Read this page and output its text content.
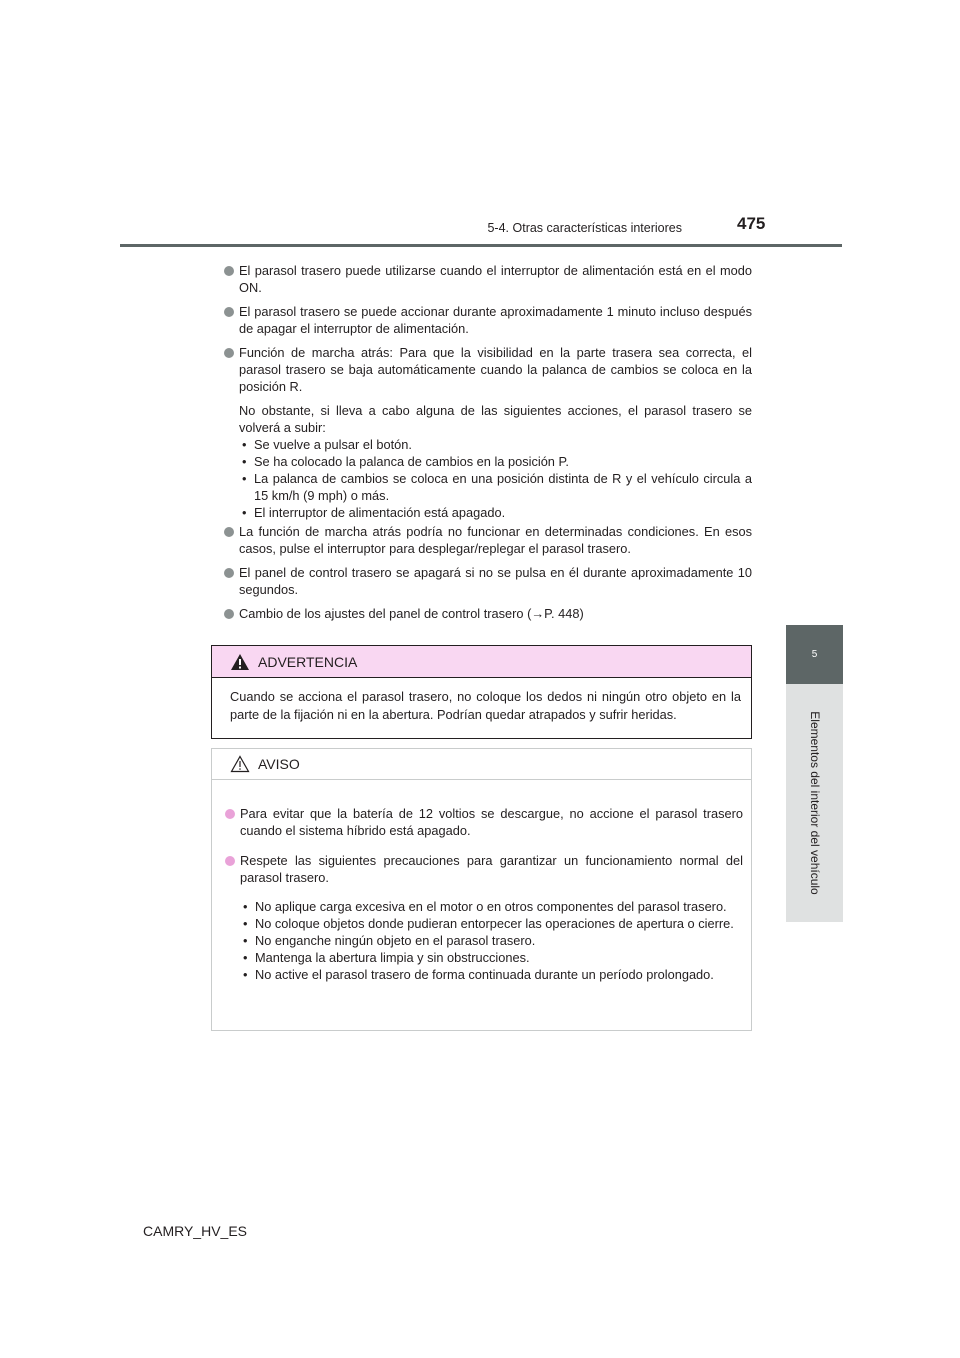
5-4. Otras características interiores	475
5
Elementos del interior del vehículo

El parasol trasero puede utilizarse cuando el interruptor de alimentación está en el modo ON.

El parasol trasero se puede accionar durante aproximadamente 1 minuto incluso después de apagar el interruptor de alimentación.

Función de marcha atrás: Para que la visibilidad en la parte trasera sea correcta, el parasol trasero se baja automáticamente cuando la palanca de cambios se coloca en la posición R.

No obstante, si lleva a cabo alguna de las siguientes acciones, el parasol trasero se volverá a subir:

• Se vuelve a pulsar el botón.
• Se ha colocado la palanca de cambios en la posición P.
• La palanca de cambios se coloca en una posición distinta de R y el vehículo circula a 15 km/h (9 mph) o más.
• El interruptor de alimentación está apagado.

La función de marcha atrás podría no funcionar en determinadas condiciones. En esos casos, pulse el interruptor para desplegar/replegar el parasol trasero.

El panel de control trasero se apagará si no se pulsa en él durante aproximadamente 10 segundos.

Cambio de los ajustes del panel de control trasero (→P. 448)

ADVERTENCIA
Cuando se acciona el parasol trasero, no coloque los dedos ni ningún otro objeto en la parte de la fijación ni en la abertura. Podrían quedar atrapados y sufrir heridas.
AVISO

Para evitar que la batería de 12 voltios se descargue, no accione el parasol trasero cuando el sistema híbrido está apagado.

Respete las siguientes precauciones para garantizar un funcionamiento normal del parasol trasero.

• No aplique carga excesiva en el motor o en otros componentes del parasol trasero.
• No coloque objetos donde pudieran entorpecer las operaciones de apertura o cierre.
• No enganche ningún objeto en el parasol trasero.
• Mantenga la abertura limpia y sin obstrucciones.
• No active el parasol trasero de forma continuada durante un período prolongado.
CAMRY_HV_ES
